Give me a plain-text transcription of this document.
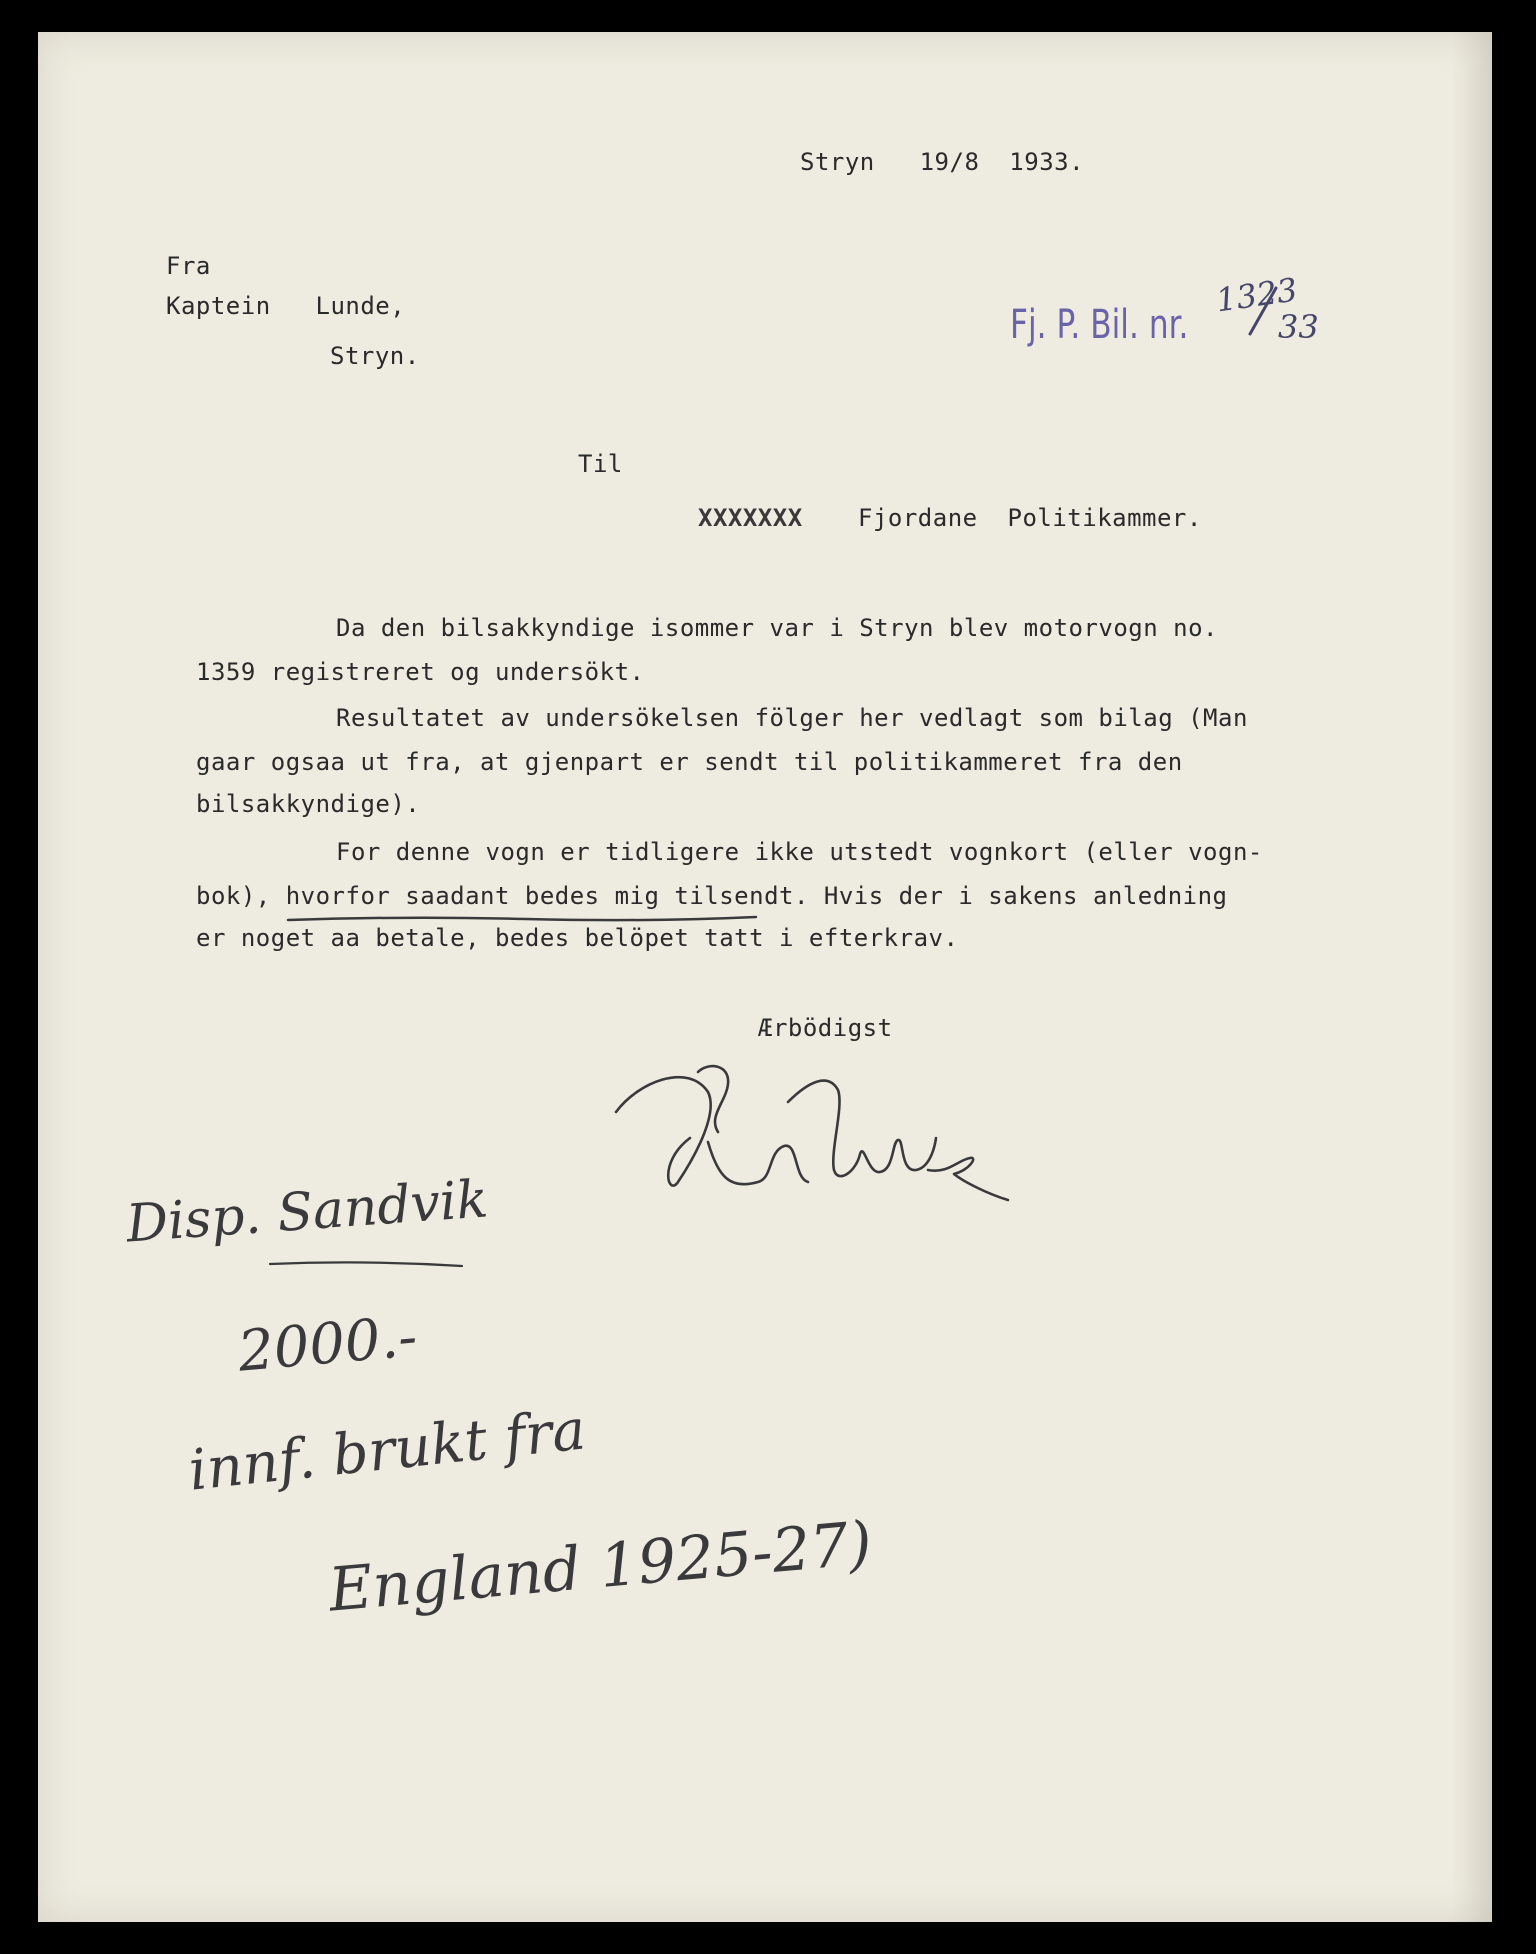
Stryn   19/8  1933.
Fra
Kaptein   Lunde,
Stryn.
Fj. P. Bil. nr.
1323
33
Til
XXXXXXX Fjordane  Politikammer.
Da den bilsakkyndige isommer var i Stryn blev motorvogn no.
1359 registreret og undersökt.
Resultatet av undersökelsen fölger her vedlagt som bilag (Man
gaar ogsaa ut fra, at gjenpart er sendt til politikammeret fra den
bilsakkyndige).
For denne vogn er tidligere ikke utstedt vognkort (eller vogn-
bok), hvorfor saadant bedes mig tilsendt. Hvis der i sakens anledning
er noget aa betale, bedes belöpet tatt i efterkrav.
Ærbödigst
Disp. Sandvik
2000.-
innf. brukt fra
England 1925-27)
